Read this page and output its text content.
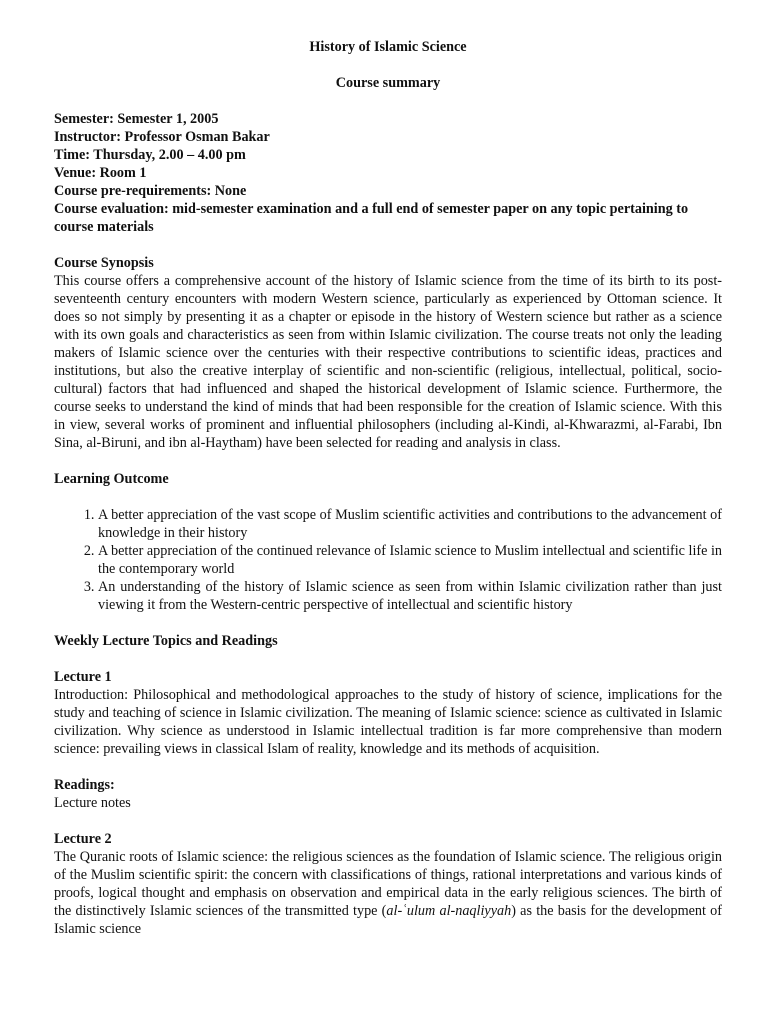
History of Islamic Science
Course summary
Semester: Semester 1, 2005
Instructor: Professor Osman Bakar
Time: Thursday, 2.00 – 4.00 pm
Venue: Room 1
Course pre-requirements: None
Course evaluation: mid-semester examination and a full end of semester paper on any topic pertaining to course materials
Course Synopsis

This course offers a comprehensive account of the history of Islamic science from the time of its birth to its post-seventeenth century encounters with modern Western science, particularly as experienced by Ottoman science. It does so not simply by presenting it as a chapter or episode in the history of Western science but rather as a science with its own goals and characteristics as seen from within Islamic civilization. The course treats not only the leading makers of Islamic science over the centuries with their respective contributions to scientific ideas, practices and institutions, but also the creative interplay of scientific and non-scientific (religious, intellectual, political, socio-cultural) factors that had influenced and shaped the historical development of Islamic science. Furthermore, the course seeks to understand the kind of minds that had been responsible for the creation of Islamic science. With this in view, several works of prominent and influential philosophers (including al-Kindi, al-Khwarazmi, al-Farabi, Ibn Sina, al-Biruni, and ibn al-Haytham) have been selected for reading and analysis in class.

Learning Outcome
1. A better appreciation of the vast scope of Muslim scientific activities and contributions to the advancement of knowledge in their history
2. A better appreciation of the continued relevance of Islamic science to Muslim intellectual and scientific life in the contemporary world
3. An understanding of the history of Islamic science as seen from within Islamic civilization rather than just viewing it from the Western-centric perspective of intellectual and scientific history
Weekly Lecture Topics and Readings
Lecture 1

Introduction: Philosophical and methodological approaches to the study of history of science, implications for the study and teaching of science in Islamic civilization. The meaning of Islamic science: science as cultivated in Islamic civilization. Why science as understood in Islamic intellectual tradition is far more comprehensive than modern science: prevailing views in classical Islam of reality, knowledge and its methods of acquisition.

Readings:
Lecture notes
Lecture 2

The Quranic roots of Islamic science: the religious sciences as the foundation of Islamic science. The religious origin of the Muslim scientific spirit: the concern with classifications of things, rational interpretations and various kinds of proofs, logical thought and emphasis on observation and empirical data in the early religious sciences. The birth of the distinctively Islamic sciences of the transmitted type (al-ʿulum al-naqliyyah) as the basis for the development of Islamic science
